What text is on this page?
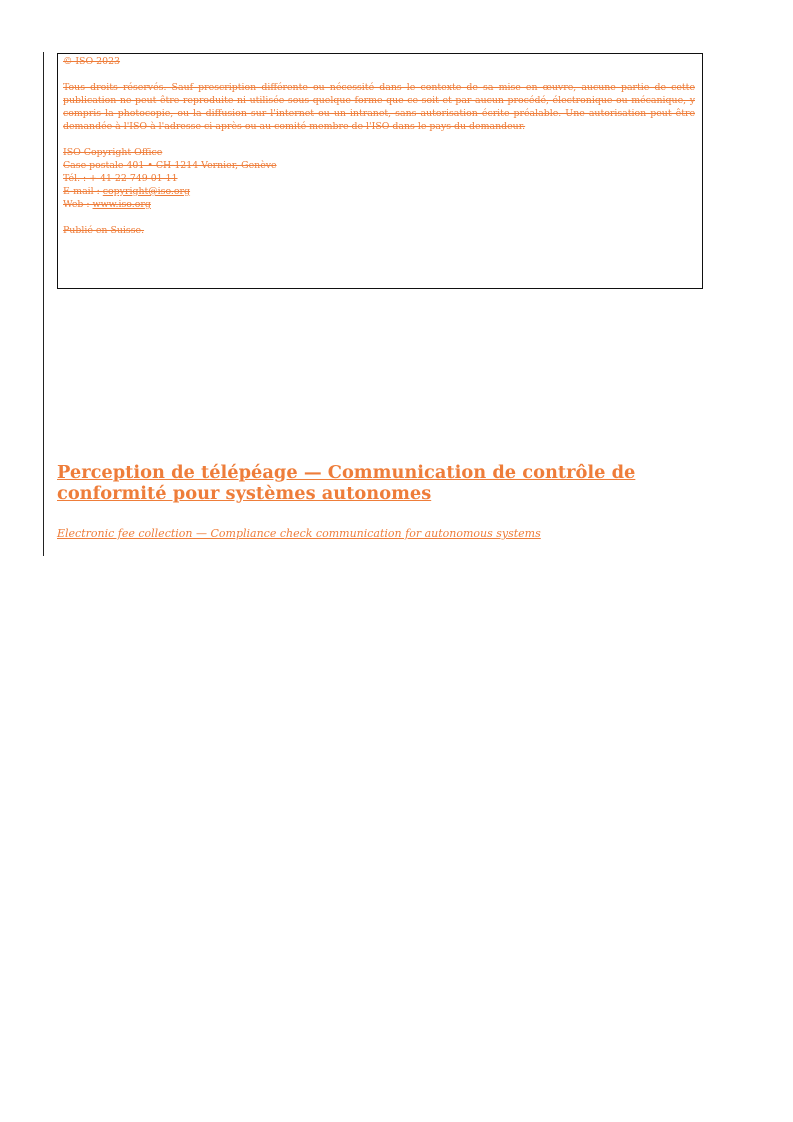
© ISO 2023

Tous droits réservés. Sauf prescription différente ou nécessité dans le contexte de sa mise en œuvre, aucune partie de cette publication ne peut être reproduite ni utilisée sous quelque forme que ce soit et par aucun procédé, électronique ou mécanique, y compris la photocopie, ou la diffusion sur l'internet ou un intranet, sans autorisation écrite préalable. Une autorisation peut être demandée à l'ISO à l'adresse ci-après ou au comité membre de l'ISO dans le pays du demandeur.

ISO Copyright Office
Case postale 401 • CH-1214 Vernier, Genève
Tél. : + 41 22 749 01 11
E-mail : copyright@iso.org
Web : www.iso.org

Publié en Suisse.

Perception de télépéage — Communication de contrôle de conformité pour systèmes autonomes

Electronic fee collection — Compliance check communication for autonomous systems
